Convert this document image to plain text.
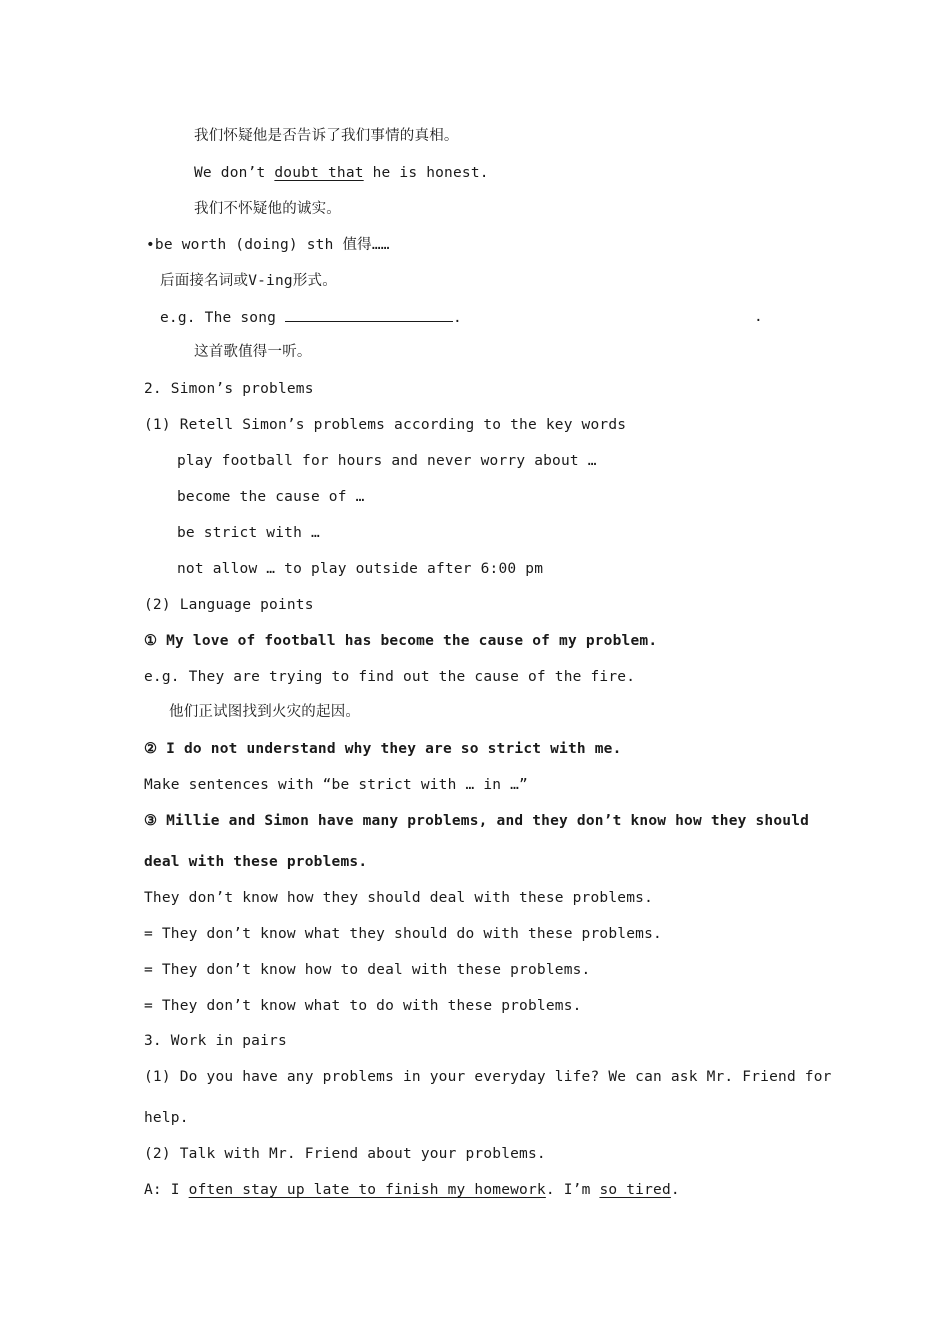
我们怀疑他是否告诉了我们事情的真相。
We don’t doubt that he is honest.
我们不怀疑他的诚实。
•be worth (doing) sth 值得……
后面接名词或V-ing形式。
e.g. The song	.	.
这首歌值得一听。
2. Simon’s problems
(1) Retell Simon’s problems according to the key words
play football for hours and never worry about …
become the cause of …
be strict with …
not allow … to play outside after 6:00 pm
(2) Language points
① My love of football has become the cause of my problem.
e.g. They are trying to find out the cause of the fire.
他们正试图找到火灾的起因。
② I do not understand why they are so strict with me.
Make sentences with “be strict with … in …”
③ Millie and Simon have many problems, and they don’t know how they should
deal with these problems.
They don’t know how they should deal with these problems.
= They don’t know what they should do with these problems.
= They don’t know how to deal with these problems.
= They don’t know what to do with these problems.
3. Work in pairs
(1) Do you have any problems in your everyday life? We can ask Mr. Friend for
help.
(2) Talk with Mr. Friend about your problems.
A: I often stay up late to finish my homework. I’m so tired.
